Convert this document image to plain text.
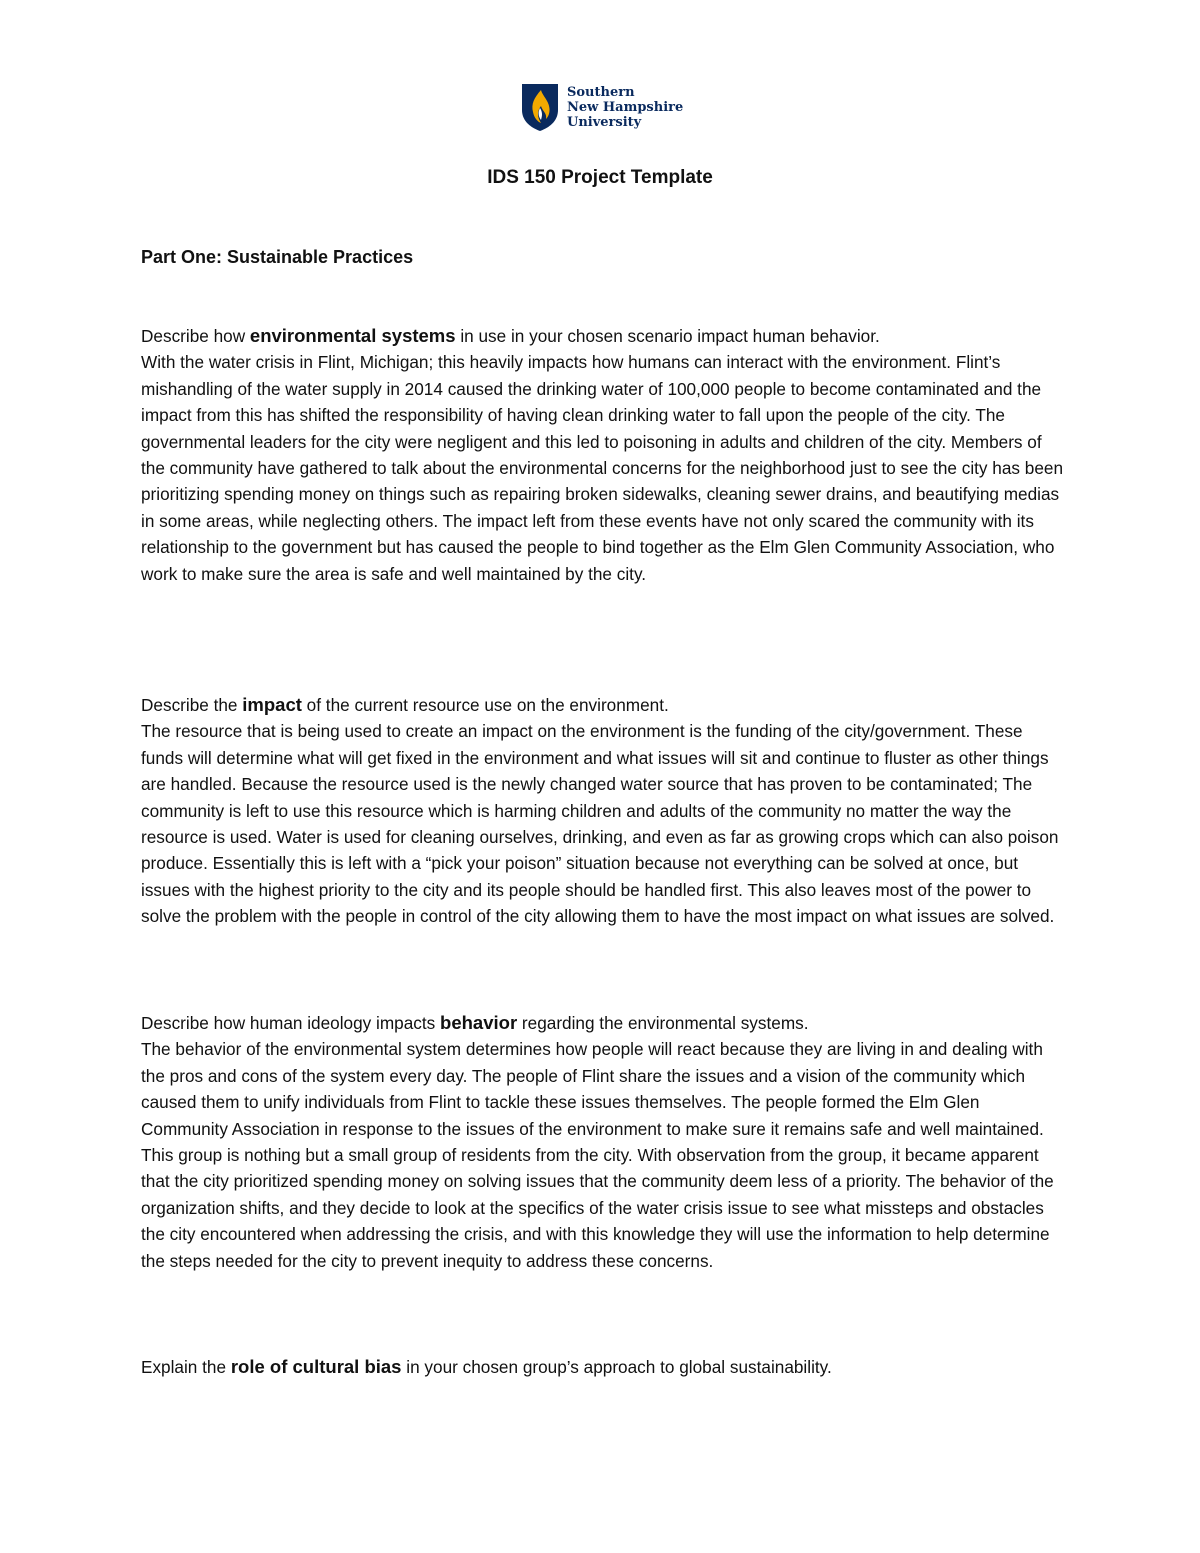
Southern
New Hampshire
University
IDS 150 Project Template
Part One: Sustainable Practices

Describe how environmental systems in use in your chosen scenario impact human behavior.

With the water crisis in Flint, Michigan; this heavily impacts how humans can interact with the environment. Flint’s mishandling of the water supply in 2014 caused the drinking water of 100,000 people to become contaminated and the impact from this has shifted the responsibility of having clean drinking water to fall upon the people of the city. The governmental leaders for the city were negligent and this led to poisoning in adults and children of the city. Members of the community have gathered to talk about the environmental concerns for the neighborhood just to see the city has been prioritizing spending money on things such as repairing broken sidewalks, cleaning sewer drains, and beautifying medias in some areas, while neglecting others. The impact left from these events have not only scared the community with its relationship to the government but has caused the people to bind together as the Elm Glen Community Association, who work to make sure the area is safe and well maintained by the city.

Describe the impact of the current resource use on the environment.

The resource that is being used to create an impact on the environment is the funding of the city/government. These funds will determine what will get fixed in the environment and what issues will sit and continue to fluster as other things are handled. Because the resource used is the newly changed water source that has proven to be contaminated; The community is left to use this resource which is harming children and adults of the community no matter the way the resource is used. Water is used for cleaning ourselves, drinking, and even as far as growing crops which can also poison produce. Essentially this is left with a “pick your poison” situation because not everything can be solved at once, but issues with the highest priority to the city and its people should be handled first. This also leaves most of the power to solve the problem with the people in control of the city allowing them to have the most impact on what issues are solved.

Describe how human ideology impacts behavior regarding the environmental systems.

The behavior of the environmental system determines how people will react because they are living in and dealing with the pros and cons of the system every day. The people of Flint share the issues and a vision of the community which caused them to unify individuals from Flint to tackle these issues themselves. The people formed the Elm Glen Community Association in response to the issues of the environment to make sure it remains safe and well maintained. This group is nothing but a small group of residents from the city. With observation from the group, it became apparent that the city prioritized spending money on solving issues that the community deem less of a priority. The behavior of the organization shifts, and they decide to look at the specifics of the water crisis issue to see what missteps and obstacles the city encountered when addressing the crisis, and with this knowledge they will use the information to help determine the steps needed for the city to prevent inequity to address these concerns.

Explain the role of cultural bias in your chosen group’s approach to global sustainability.
